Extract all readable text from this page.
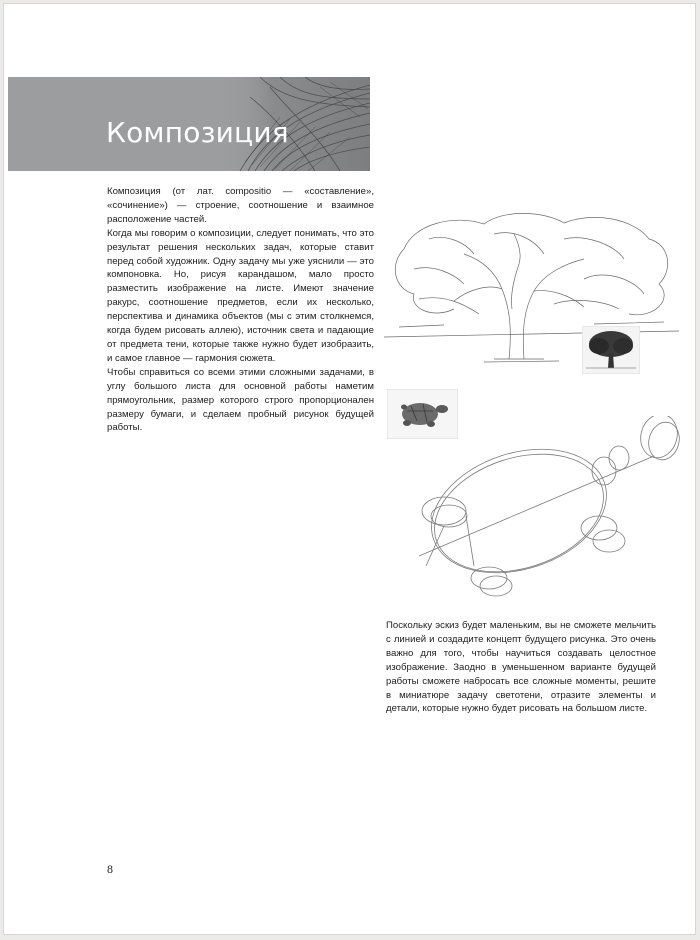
Композиция

Композиция (от лат. compositio — «составление», «сочинение») — строение, соотношение и взаимное расположение частей.

Когда мы говорим о композиции, следует понимать, что это результат решения нескольких задач, которые ставит перед собой художник. Одну задачу мы уже уяснили — это компоновка. Но, рисуя карандашом, мало просто разместить изображение на листе. Имеют значение ракурс, соотношение предметов, если их несколько, перспектива и динамика объектов (мы с этим столкнемся, когда будем рисовать аллею), источник света и падающие от предмета тени, которые также нужно будет изобразить, и самое главное — гармония сюжета.

Чтобы справиться со всеми этими сложными задачами, в углу большого листа для основной работы наметим прямоугольник, размер которого строго пропорционален размеру бумаги, и сделаем пробный рисунок будущей работы.

Поскольку эскиз будет маленьким, вы не сможете мельчить с линией и создадите концепт будущего рисунка. Это очень важно для того, чтобы научиться создавать целостное изображение. Заодно в уменьшенном варианте будущей работы сможете набросать все сложные моменты, решите в миниатюре задачу светотени, отразите элементы и детали, которые нужно будет рисовать на большом листе.

8
